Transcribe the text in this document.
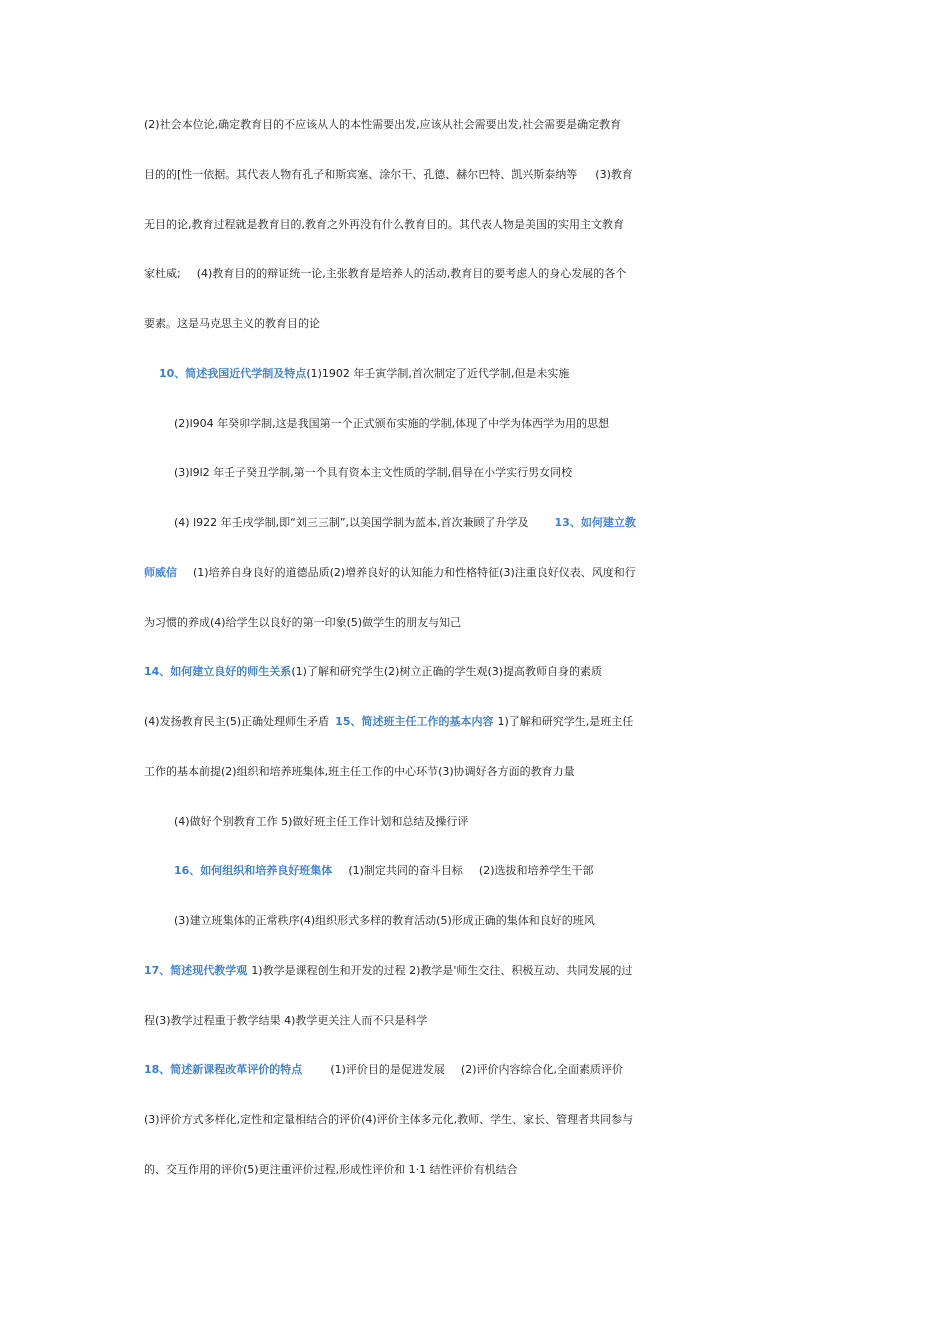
(2)社会本位论,确定教育目的不应该从人的本性需要出发,应该从社会需要出发,社会需要是确定教育
目的的[性一依据。其代表人物有孔子和斯宾塞、涂尔干、孔德、赫尔巴特、凯兴斯泰纳等 (3)教育
无目的论,教育过程就是教育目的,教育之外再没有什么教育目的。其代表人物是美国的实用主文教育
家杜威; (4)教育目的的辩证统一论,主张教育是培养人的活动,教育目的要考虑人的身心发展的各个
要素。这是马克思主义的教育目的论
10、简述我国近代学制及特点(1)1902 年壬寅学制,首次制定了近代学制,但是未实施
(2)l904 年癸卯学制,这是我国第一个正式颁布实施的学制,体现了中学为体西学为用的思想
(3)l9l2 年壬子癸丑学制,第一个具有资本主文性质的学制,倡导在小学实行男女同校
(4) l922 年壬戌学制,即“刘三三制”,以美国学制为蓝本,首次兼顾了升学及 13、如何建立教
师威信 (1)培养自身良好的道德品质(2)增养良好的认知能力和性格特征(3)注重良好仪表、风度和行
为习惯的养成(4)给学生以良好的第一印象(5)做学生的朋友与知己
14、如何建立良好的师生关系(1)了解和研究学生(2)树立正确的学生观(3)提高教师自身的素质
(4)发扬教育民主(5)正确处理师生矛盾 15、简述班主任工作的基本内容 1)了解和研究学生,是班主任
工作的基本前提(2)组织和培养班集体,班主任工作的中心环节(3)协调好各方面的教育力量
(4)做好个别教育工作 5)做好班主任工作计划和总结及操行评
16、如何组织和培养良好班集体 (1)制定共同的奋斗目标 (2)选拔和培养学生干部
(3)建立班集体的正常秩序(4)组织形式多样的教育活动(5)形成正确的集体和良好的班风
17、简述现代教学观 1)教学是课程创生和开发的过程 2)教学是'师生交往、积极互动、共同发展的过
程(3)教学过程重于教学结果 4)教学更关注人而不只是科学
18、简述新课程改革评价的特点	(1)评价目的是促进发展 (2)评价内容综合化,全面素质评价
(3)评价方式多样化,定性和定量相结合的评价(4)评价主体多元化,教师、学生、家长、管理者共同参与
的、交互作用的评价(5)更注重评价过程,形成性评价和 1·1 结性评价有机结合
